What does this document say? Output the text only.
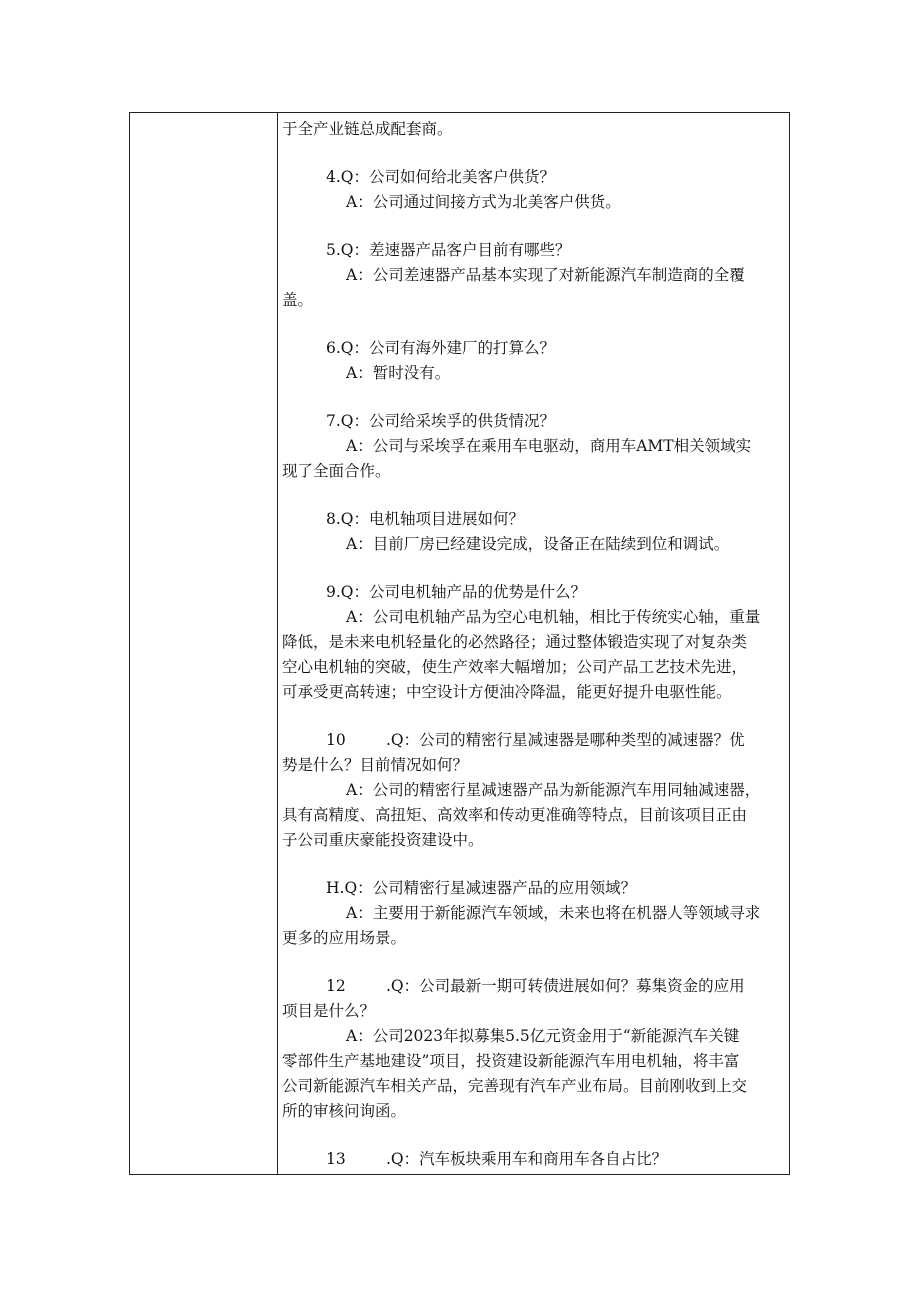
于全产业链总成配套商。
4.Q：公司如何给北美客户供货？
A：公司通过间接方式为北美客户供货。
5.Q：差速器产品客户目前有哪些？
A：公司差速器产品基本实现了对新能源汽车制造商的全覆
盖。
6.Q：公司有海外建厂的打算么？
A：暂时没有。
7.Q：公司给采埃孚的供货情况？
A：公司与采埃孚在乘用车电驱动，商用车AMT相关领域实
现了全面合作。
8.Q：电机轴项目进展如何？
A：目前厂房已经建设完成，设备正在陆续到位和调试。
9.Q：公司电机轴产品的优势是什么？
A：公司电机轴产品为空心电机轴，相比于传统实心轴，重量
降低，是未来电机轻量化的必然路径；通过整体锻造实现了对复杂类
空心电机轴的突破，使生产效率大幅增加；公司产品工艺技术先进，
可承受更高转速；中空设计方便油冷降温，能更好提升电驱性能。
10	.Q：公司的精密行星减速器是哪种类型的减速器？优
势是什么？目前情况如何？
A：公司的精密行星减速器产品为新能源汽车用同轴减速器，
具有高精度、高扭矩、高效率和传动更准确等特点，目前该项目正由
子公司重庆豪能投资建设中。
H.Q：公司精密行星减速器产品的应用领域？
A：主要用于新能源汽车领域，未来也将在机器人等领域寻求
更多的应用场景。
12	.Q：公司最新一期可转债进展如何？募集资金的应用
项目是什么？
A：公司2023年拟募集5.5亿元资金用于“新能源汽车关键
零部件生产基地建设”项目，投资建设新能源汽车用电机轴，将丰富
公司新能源汽车相关产品，完善现有汽车产业布局。目前刚收到上交
所的审核问询函。
13	.Q：汽车板块乘用车和商用车各自占比？
